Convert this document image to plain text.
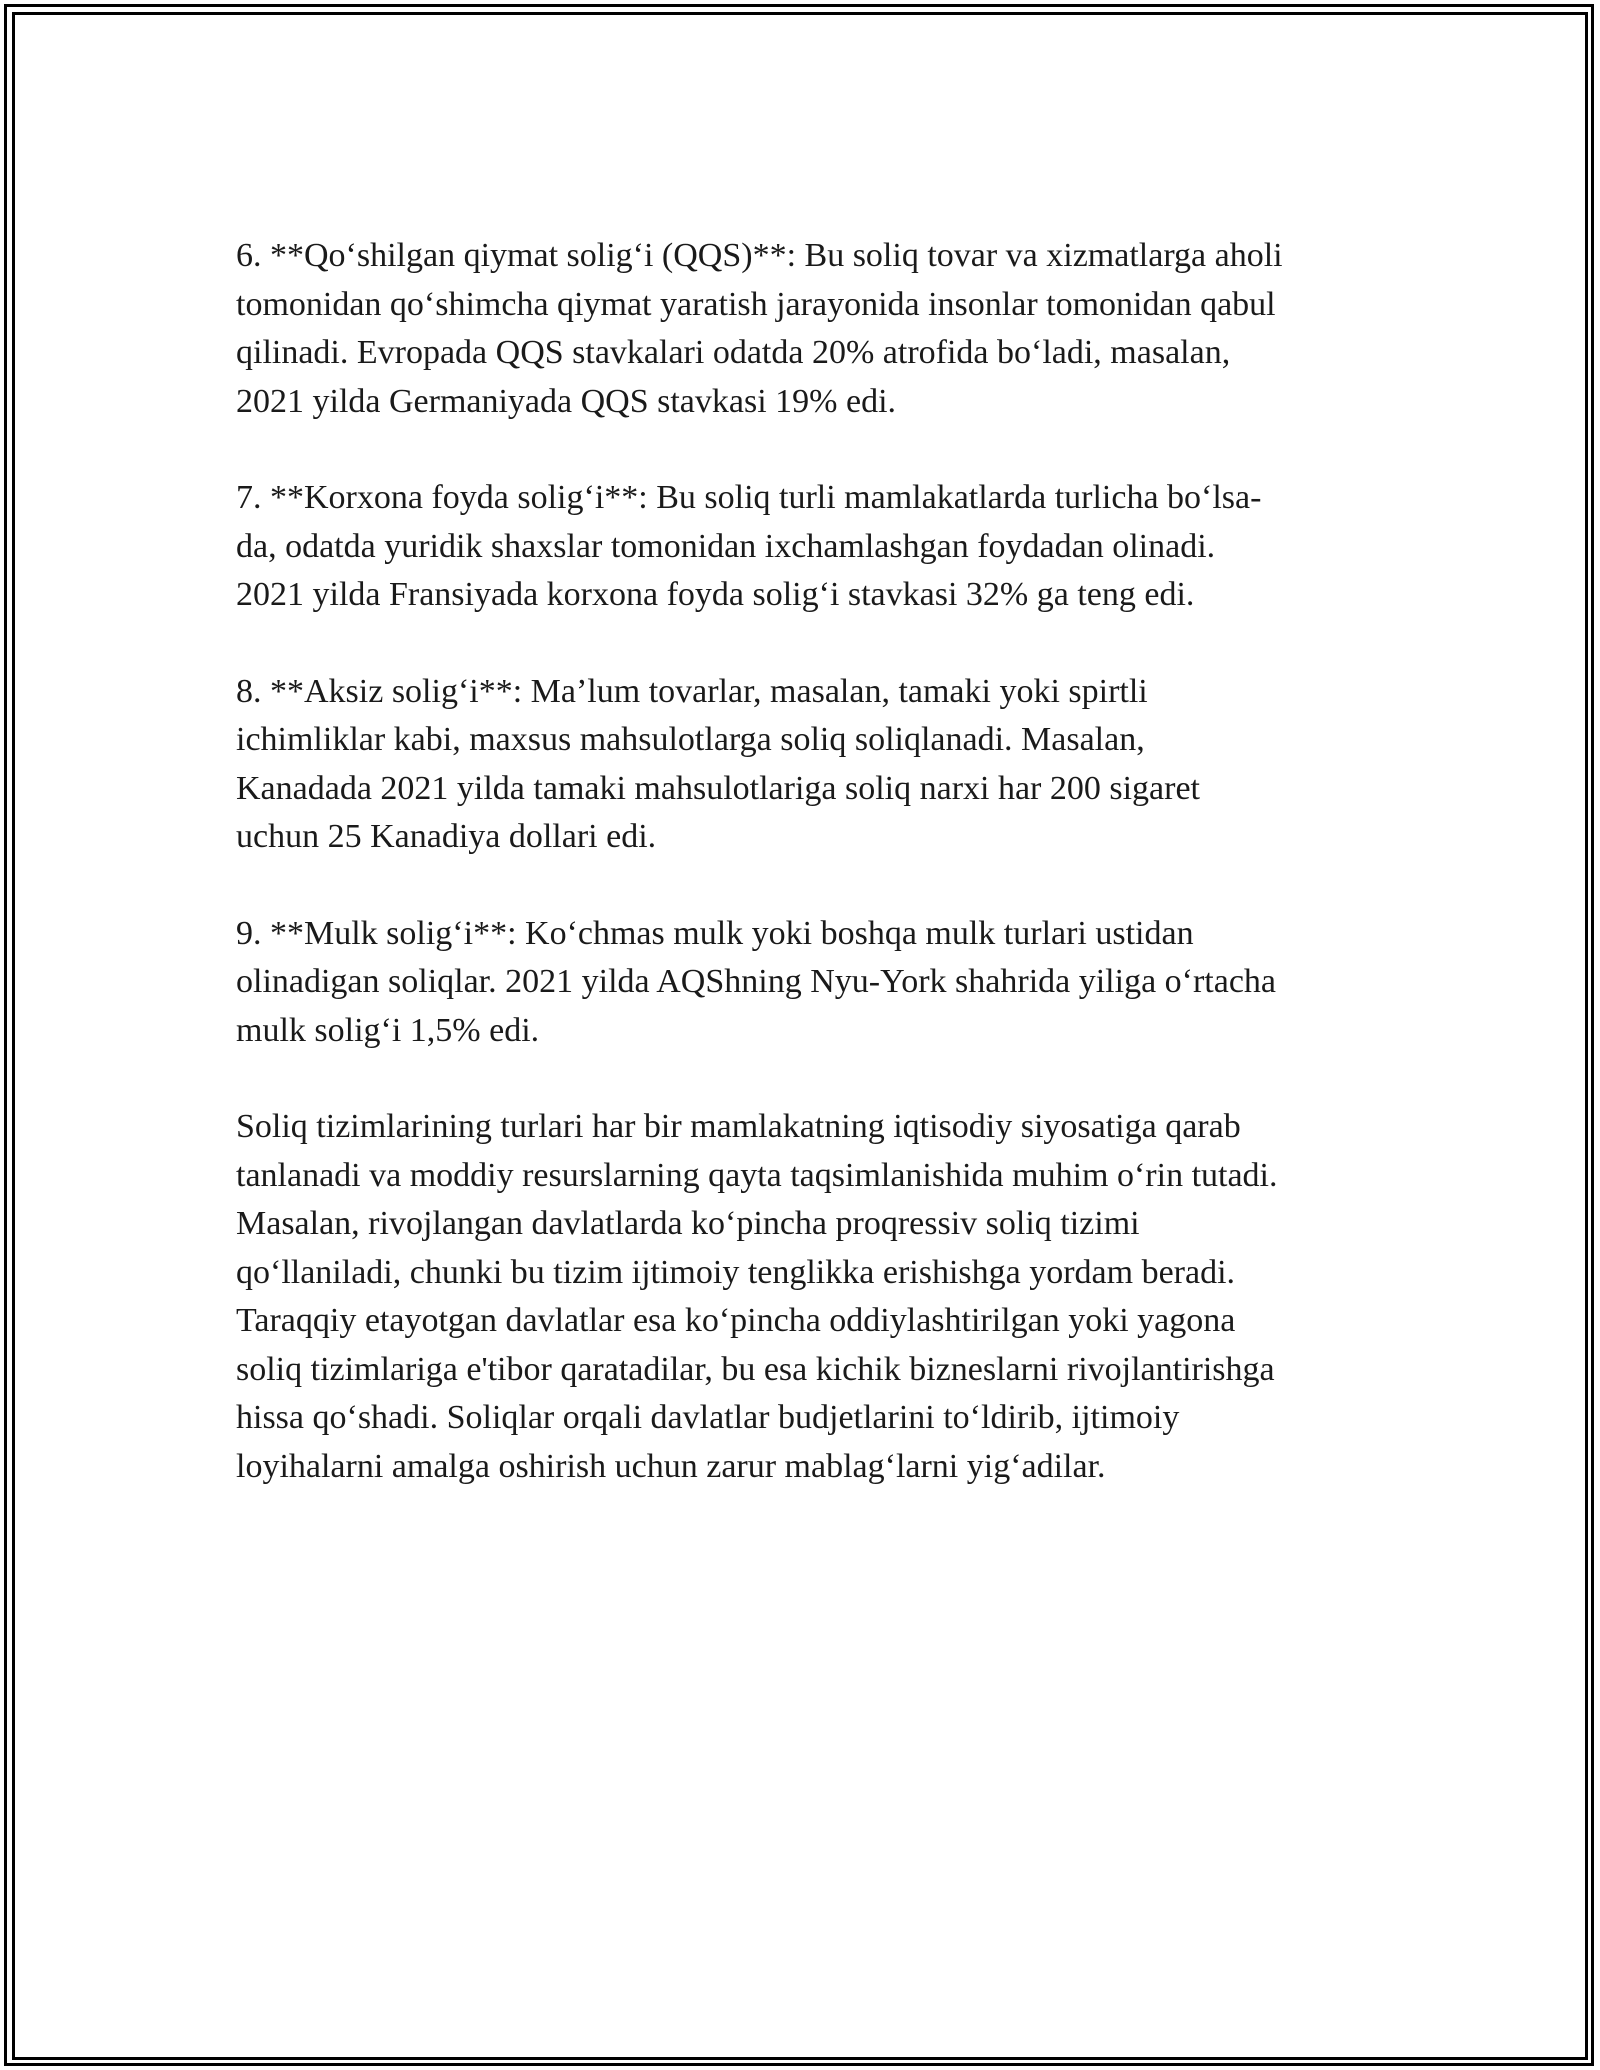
6. **Qo‘shilgan qiymat solig‘i (QQS)**: Bu soliq tovar va xizmatlarga aholi
tomonidan qo‘shimcha qiymat yaratish jarayonida insonlar tomonidan qabul
qilinadi. Evropada QQS stavkalari odatda 20% atrofida bo‘ladi, masalan,
2021 yilda Germaniyada QQS stavkasi 19% edi.

7. **Korxona foyda solig‘i**: Bu soliq turli mamlakatlarda turlicha bo‘lsa-
da, odatda yuridik shaxslar tomonidan ixchamlashgan foydadan olinadi.
2021 yilda Fransiyada korxona foyda solig‘i stavkasi 32% ga teng edi.

8. **Aksiz solig‘i**: Ma’lum tovarlar, masalan, tamaki yoki spirtli
ichimliklar kabi, maxsus mahsulotlarga soliq soliqlanadi. Masalan,
Kanadada 2021 yilda tamaki mahsulotlariga soliq narxi har 200 sigaret
uchun 25 Kanadiya dollari edi.

9. **Mulk solig‘i**: Ko‘chmas mulk yoki boshqa mulk turlari ustidan
olinadigan soliqlar. 2021 yilda AQShning Nyu-York shahrida yiliga o‘rtacha
mulk solig‘i 1,5% edi.

Soliq tizimlarining turlari har bir mamlakatning iqtisodiy siyosatiga qarab
tanlanadi va moddiy resurslarning qayta taqsimlanishida muhim o‘rin tutadi.
Masalan, rivojlangan davlatlarda ko‘pincha proqressiv soliq tizimi
qo‘llaniladi, chunki bu tizim ijtimoiy tenglikka erishishga yordam beradi.
Taraqqiy etayotgan davlatlar esa ko‘pincha oddiylashtirilgan yoki yagona
soliq tizimlariga e'tibor qaratadilar, bu esa kichik bizneslarni rivojlantirishga
hissa qo‘shadi. Soliqlar orqali davlatlar budjetlarini to‘ldirib, ijtimoiy
loyihalarni amalga oshirish uchun zarur mablag‘larni yig‘adilar.
